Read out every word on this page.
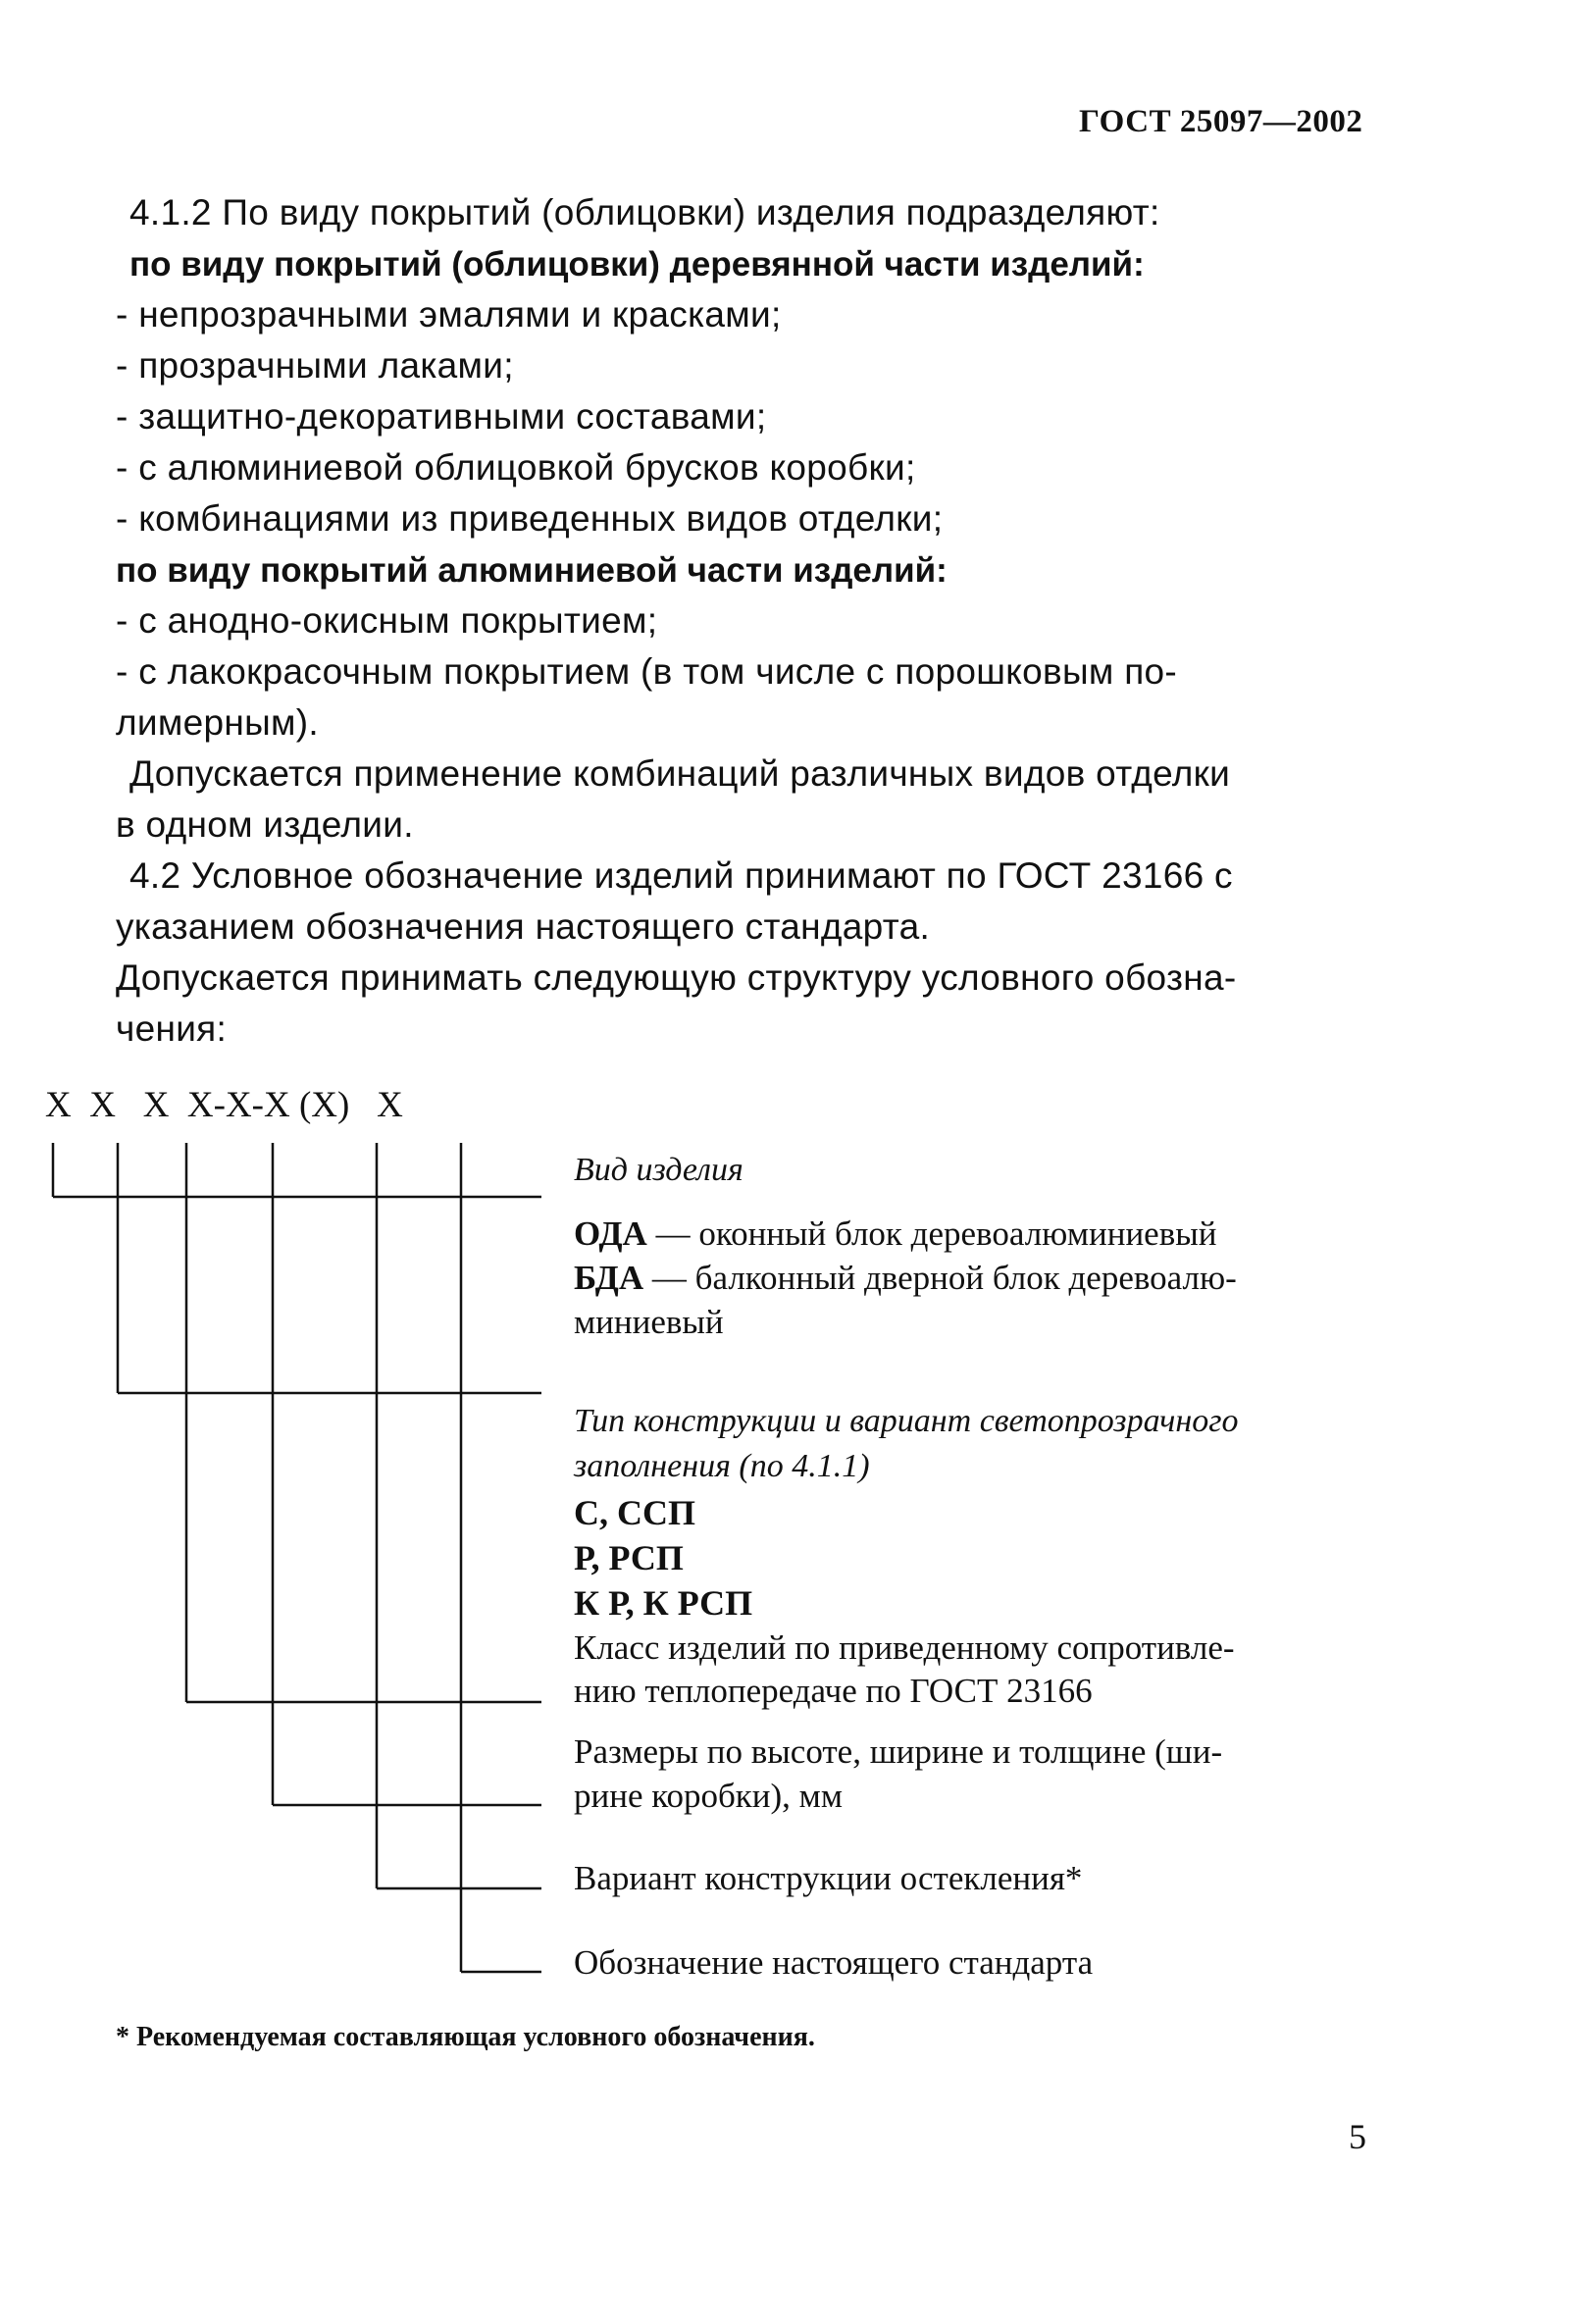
ГОСТ 25097—2002
4.1.2 По виду покрытий (облицовки) изделия подразделяют:
по виду покрытий (облицовки) деревянной части изделий:
- непрозрачными эмалями и красками;
- прозрачными лаками;
- защитно-декоративными составами;
- с алюминиевой облицовкой брусков коробки;
- комбинациями из приведенных видов отделки;
по виду покрытий алюминиевой части изделий:
- с анодно-окисным покрытием;
- с лакокрасочным покрытием (в том числе с порошковым по-
лимерным).
Допускается применение комбинаций различных видов отделки
в одном изделии.
4.2 Условное обозначение изделий принимают по ГОСТ 23166 с
указанием обозначения настоящего стандарта.
Допускается принимать следующую структуру условного обозна-
чения:
X  X   X  X-X-X (X)   X
Вид изделия
ОДА — оконный блок деревоалюминиевый
БДА — балконный дверной блок деревоалю-
миниевый
Тип конструкции и вариант светопрозрачного
заполнения (по 4.1.1)
С, ССП
Р, РСП
К Р, К РСП
Класс изделий по приведенному сопротивле-
нию теплопередаче по ГОСТ 23166
Размеры по высоте, ширине и толщине (ши-
рине коробки), мм
Вариант конструкции остекления*
Обозначение настоящего стандарта
* Рекомендуемая составляющая условного обозначения.
5
